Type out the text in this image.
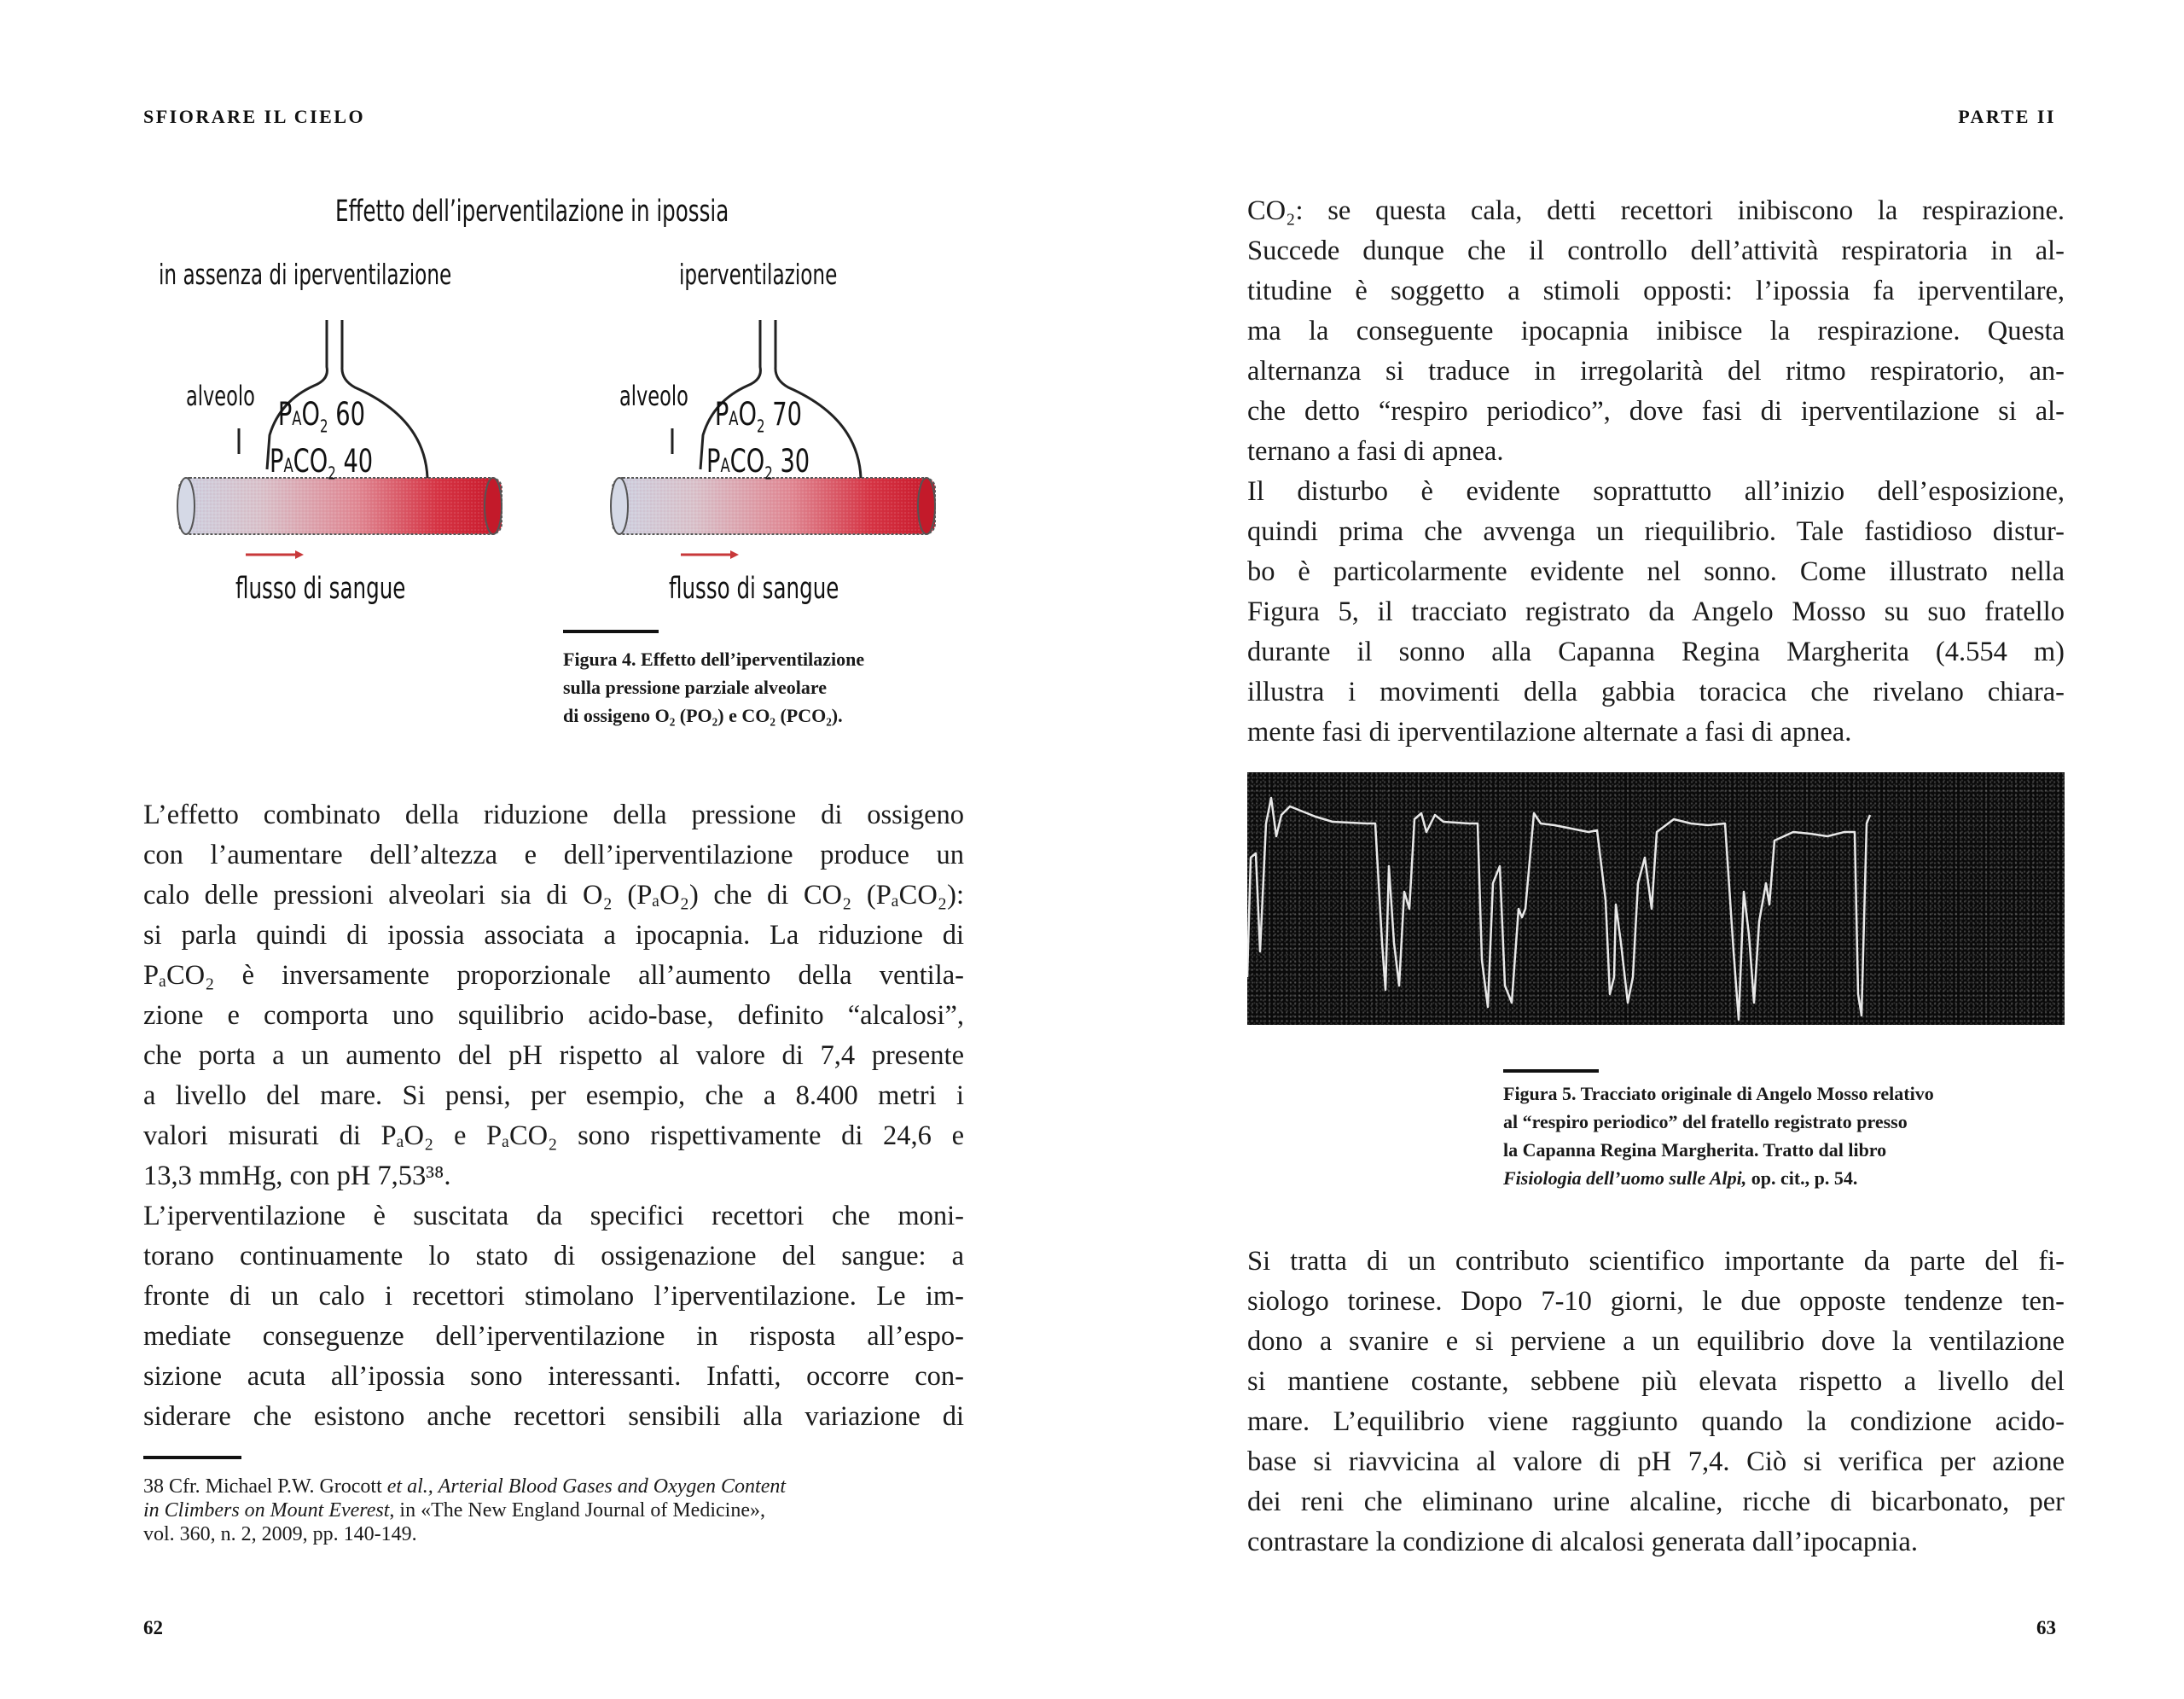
SFIORARE IL CIELO
Effetto dell’iperventilazione in ipossia
in assenza di iperventilazione	iperventilazione
alveolo $PAO_2$ 60
$PACO_2$ 40
flusso di sangue
alveolo $PAO_2$ 70
$PACO_2$ 30
flusso di sangue
Figura 4. Effetto dell’iperventilazione
sulla pressione parziale alveolare
di ossigeno O₂ (PO₂) e CO₂ (PCO₂).
L’effetto combinato della riduzione della pressione di ossigeno
con l’aumentare dell’altezza e dell’iperventilazione produce un
calo delle pressioni alveolari sia di O₂ (PₐO₂) che di CO₂ (PₐCO₂):
si parla quindi di ipossia associata a ipocapnia. La riduzione di
PₐCO₂ è inversamente proporzionale all’aumento della ventila-
zione e comporta uno squilibrio acido-base, definito “alcalosi”,
che porta a un aumento del pH rispetto al valore di 7,4 presente
a livello del mare. Si pensi, per esempio, che a 8.400 metri i
valori misurati di PₐO₂ e PₐCO₂ sono rispettivamente di 24,6 e
13,3 mmHg, con pH 7,53³⁸.
L’iperventilazione è suscitata da specifici recettori che moni-
torano continuamente lo stato di ossigenazione del sangue: a
fronte di un calo i recettori stimolano l’iperventilazione. Le im-
mediate conseguenze dell’iperventilazione in risposta all’espo-
sizione acuta all’ipossia sono interessanti. Infatti, occorre con-
siderare che esistono anche recettori sensibili alla variazione di
38 Cfr. Michael P.W. Grocott et al., Arterial Blood Gases and Oxygen Content
in Climbers on Mount Everest, in «The New England Journal of Medicine»,
vol. 360, n. 2, 2009, pp. 140-149.
62
PARTE II
63
CO₂: se questa cala, detti recettori inibiscono la respirazione.
Succede dunque che il controllo dell’attività respiratoria in al-
titudine è soggetto a stimoli opposti: l’ipossia fa iperventilare,
ma la conseguente ipocapnia inibisce la respirazione. Questa
alternanza si traduce in irregolarità del ritmo respiratorio, an-
che detto “respiro periodico”, dove fasi di iperventilazione si al-
ternano a fasi di apnea.
Il disturbo è evidente soprattutto all’inizio dell’esposizione,
quindi prima che avvenga un riequilibrio. Tale fastidioso distur-
bo è particolarmente evidente nel sonno. Come illustrato nella
Figura 5, il tracciato registrato da Angelo Mosso su suo fratello
durante il sonno alla Capanna Regina Margherita (4.554 m)
illustra i movimenti della gabbia toracica che rivelano chiara-
mente fasi di iperventilazione alternate a fasi di apnea.
Figura 5. Tracciato originale di Angelo Mosso relativo
al “respiro periodico” del fratello registrato presso
la Capanna Regina Margherita. Tratto dal libro
Fisiologia dell’uomo sulle Alpi, op. cit., p. 54.
Si tratta di un contributo scientifico importante da parte del fi-
siologo torinese. Dopo 7-10 giorni, le due opposte tendenze ten-
dono a svanire e si perviene a un equilibrio dove la ventilazione
si mantiene costante, sebbene più elevata rispetto a livello del
mare. L’equilibrio viene raggiunto quando la condizione acido-
base si riavvicina al valore di pH 7,4. Ciò si verifica per azione
dei reni che eliminano urine alcaline, ricche di bicarbonato, per
contrastare la condizione di alcalosi generata dall’ipocapnia.
